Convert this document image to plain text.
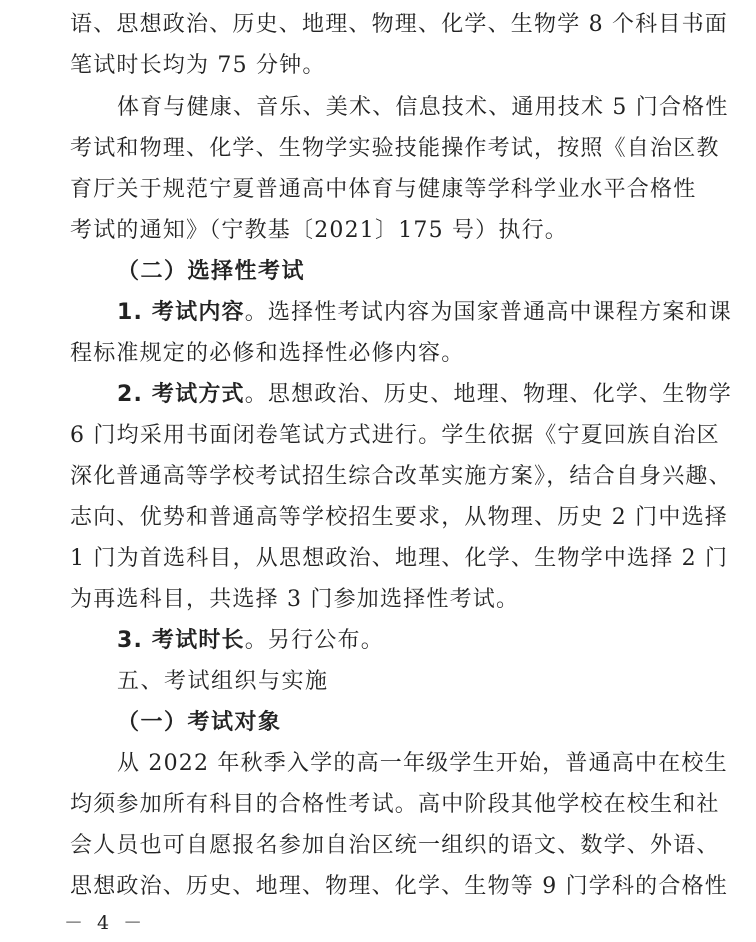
语、思想政治、历史、地理、物理、化学、生物学 8 个科目书面
笔试时长均为 75 分钟。
体育与健康、音乐、美术、信息技术、通用技术 5 门合格性
考试和物理、化学、生物学实验技能操作考试，按照《自治区教
育厅关于规范宁夏普通高中体育与健康等学科学业水平合格性
考试的通知》（宁教基〔2021〕175 号）执行。
（二）选择性考试
1. 考试内容。选择性考试内容为国家普通高中课程方案和课
程标准规定的必修和选择性必修内容。
2. 考试方式。思想政治、历史、地理、物理、化学、生物学
6 门均采用书面闭卷笔试方式进行。学生依据《宁夏回族自治区
深化普通高等学校考试招生综合改革实施方案》，结合自身兴趣、
志向、优势和普通高等学校招生要求，从物理、历史 2 门中选择
1 门为首选科目，从思想政治、地理、化学、生物学中选择 2 门
为再选科目，共选择 3 门参加选择性考试。
3. 考试时长。另行公布。
五、考试组织与实施
（一）考试对象
从 2022 年秋季入学的高一年级学生开始，普通高中在校生
均须参加所有科目的合格性考试。高中阶段其他学校在校生和社
会人员也可自愿报名参加自治区统一组织的语文、数学、外语、
思想政治、历史、地理、物理、化学、生物等 9 门学科的合格性
－ 4 －
